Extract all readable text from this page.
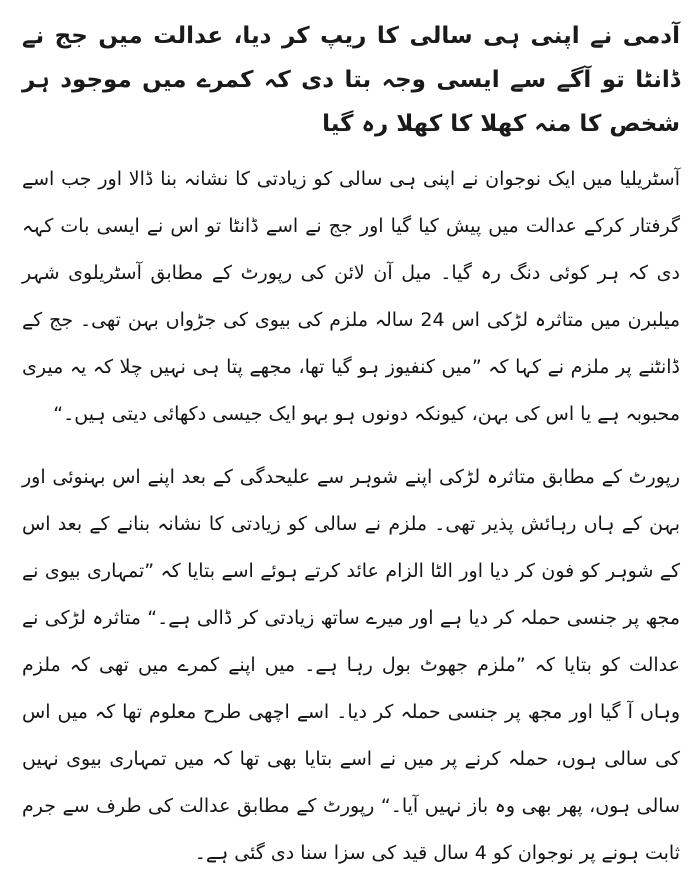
آدمی نے اپنی ہی سالی کا ریپ کر دیا، عدالت میں جج نے ڈانٹا تو آگے سے ایسی وجہ بتا دی کہ کمرے میں موجود ہر شخص کا منہ کھلا کا کھلا رہ گیا

آسٹریلیا میں ایک نوجوان نے اپنی ہی سالی کو زیادتی کا نشانہ بنا ڈالا اور جب اسے گرفتار کرکے عدالت میں پیش کیا گیا اور جج نے اسے ڈانٹا تو اس نے ایسی بات کہہ دی کہ ہر کوئی دنگ رہ گیا۔ میل آن لائن کی رپورٹ کے مطابق آسٹریلوی شہر میلبرن میں متاثرہ لڑکی اس 24 سالہ ملزم کی بیوی کی جڑواں بہن تھی۔ جج کے ڈانٹنے پر ملزم نے کہا کہ ”میں کنفیوز ہو گیا تھا، مجھے پتا ہی نہیں چلا کہ یہ میری محبوبہ ہے یا اس کی بہن، کیونکہ دونوں ہو بہو ایک جیسی دکھائی دیتی ہیں۔“

رپورٹ کے مطابق متاثرہ لڑکی اپنے شوہر سے علیحدگی کے بعد اپنے اس بہنوئی اور بہن کے ہاں رہائش پذیر تھی۔ ملزم نے سالی کو زیادتی کا نشانہ بنانے کے بعد اس کے شوہر کو فون کر دیا اور الٹا الزام عائد کرتے ہوئے اسے بتایا کہ ”تمہاری بیوی نے مجھ پر جنسی حملہ کر دیا ہے اور میرے ساتھ زیادتی کر ڈالی ہے۔“ متاثرہ لڑکی نے عدالت کو بتایا کہ ”ملزم جھوٹ بول رہا ہے۔ میں اپنے کمرے میں تھی کہ ملزم وہاں آ گیا اور مجھ پر جنسی حملہ کر دیا۔ اسے اچھی طرح معلوم تھا کہ میں اس کی سالی ہوں، حملہ کرنے پر میں نے اسے بتایا بھی تھا کہ میں تمہاری بیوی نہیں سالی ہوں، پھر بھی وہ باز نہیں آیا۔“ رپورٹ کے مطابق عدالت کی طرف سے جرم ثابت ہونے پر نوجوان کو 4 سال قید کی سزا سنا دی گئی ہے۔
